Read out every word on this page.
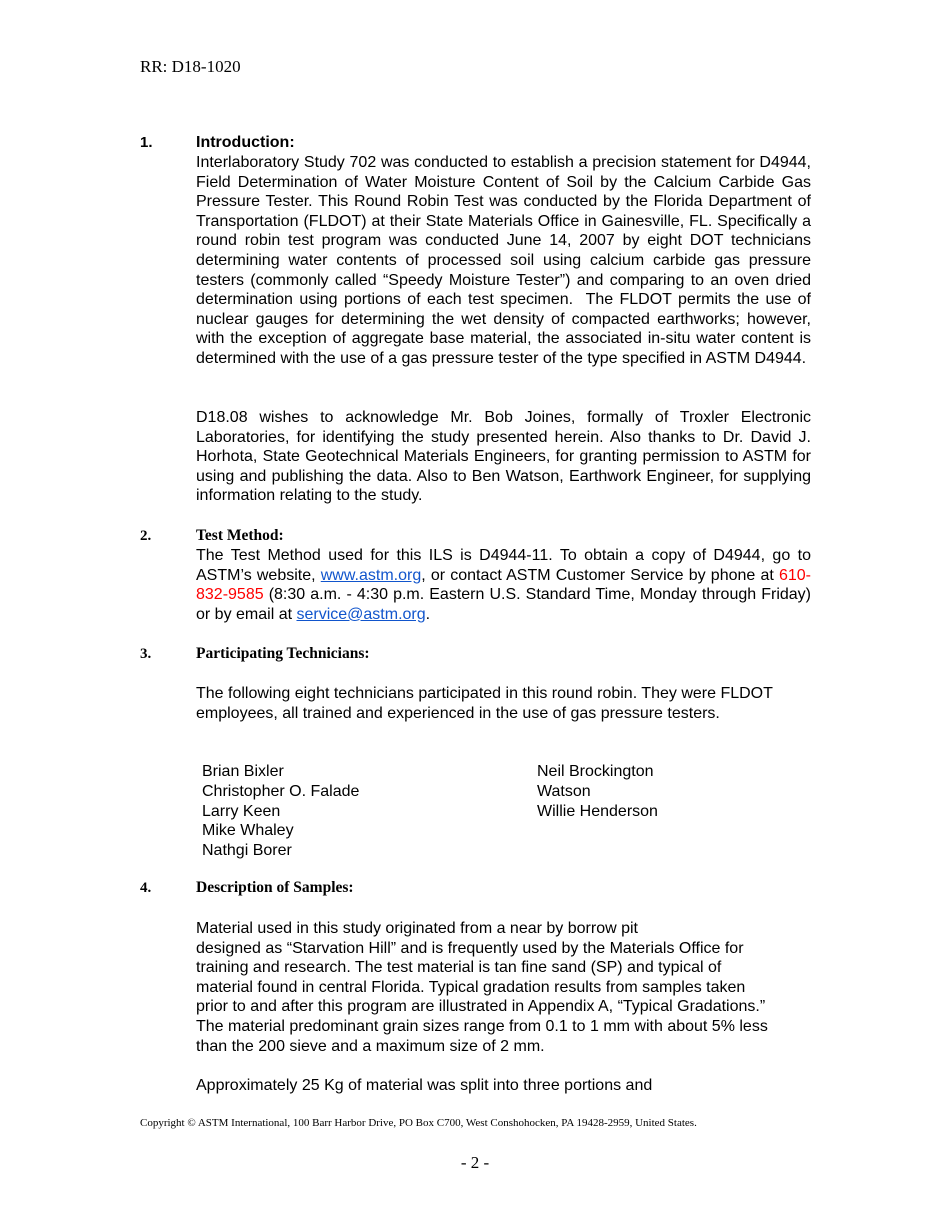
RR: D18-1020
1.	Introduction:

Interlaboratory Study 702 was conducted to establish a precision statement for D4944, Field Determination of Water Moisture Content of Soil by the Calcium Carbide Gas Pressure Tester. This Round Robin Test was conducted by the Florida Department of Transportation (FLDOT) at their State Materials Office in Gainesville, FL. Specifically a round robin test program was conducted June 14, 2007 by eight DOT technicians determining water contents of processed soil using calcium carbide gas pressure testers (commonly called “Speedy Moisture Tester”) and comparing to an oven dried determination using portions of each test specimen.  The FLDOT permits the use of nuclear gauges for determining the wet density of compacted earthworks; however, with the exception of aggregate base material, the associated in-situ water content is determined with the use of a gas pressure tester of the type specified in ASTM D4944.

D18.08 wishes to acknowledge Mr. Bob Joines, formally of Troxler Electronic Laboratories, for identifying the study presented herein. Also thanks to Dr. David J. Horhota, State Geotechnical Materials Engineers, for granting permission to ASTM for using and publishing the data. Also to Ben Watson, Earthwork Engineer, for supplying information relating to the study.

2.	Test Method:

The Test Method used for this ILS is D4944-11. To obtain a copy of D4944, go to ASTM’s website, www.astm.org, or contact ASTM Customer Service by phone at 610-832-9585 (8:30 a.m. - 4:30 p.m. Eastern U.S. Standard Time, Monday through Friday) or by email at service@astm.org.

3.	Participating Technicians:

The following eight technicians participated in this round robin. They were FLDOT employees, all trained and experienced in the use of gas pressure testers.

Brian Bixler
Christopher O. Falade
Larry Keen
Mike Whaley
Nathgi Borer
Neil Brockington
Watson
Willie Henderson
4.	Description of Samples:
Material used in this study originated from a near by borrow pit
designed as “Starvation Hill” and is frequently used by the Materials Office for
training and research. The test material is tan fine sand (SP) and typical of
material found in central Florida. Typical gradation results from samples taken
prior to and after this program are illustrated in Appendix A, “Typical Gradations.”
The material predominant grain sizes range from 0.1 to 1 mm with about 5% less
than the 200 sieve and a maximum size of 2 mm.

Approximately 25 Kg of material was split into three portions and

Copyright © ASTM International, 100 Barr Harbor Drive, PO Box C700, West Conshohocken, PA 19428-2959, United States.
- 2 -
